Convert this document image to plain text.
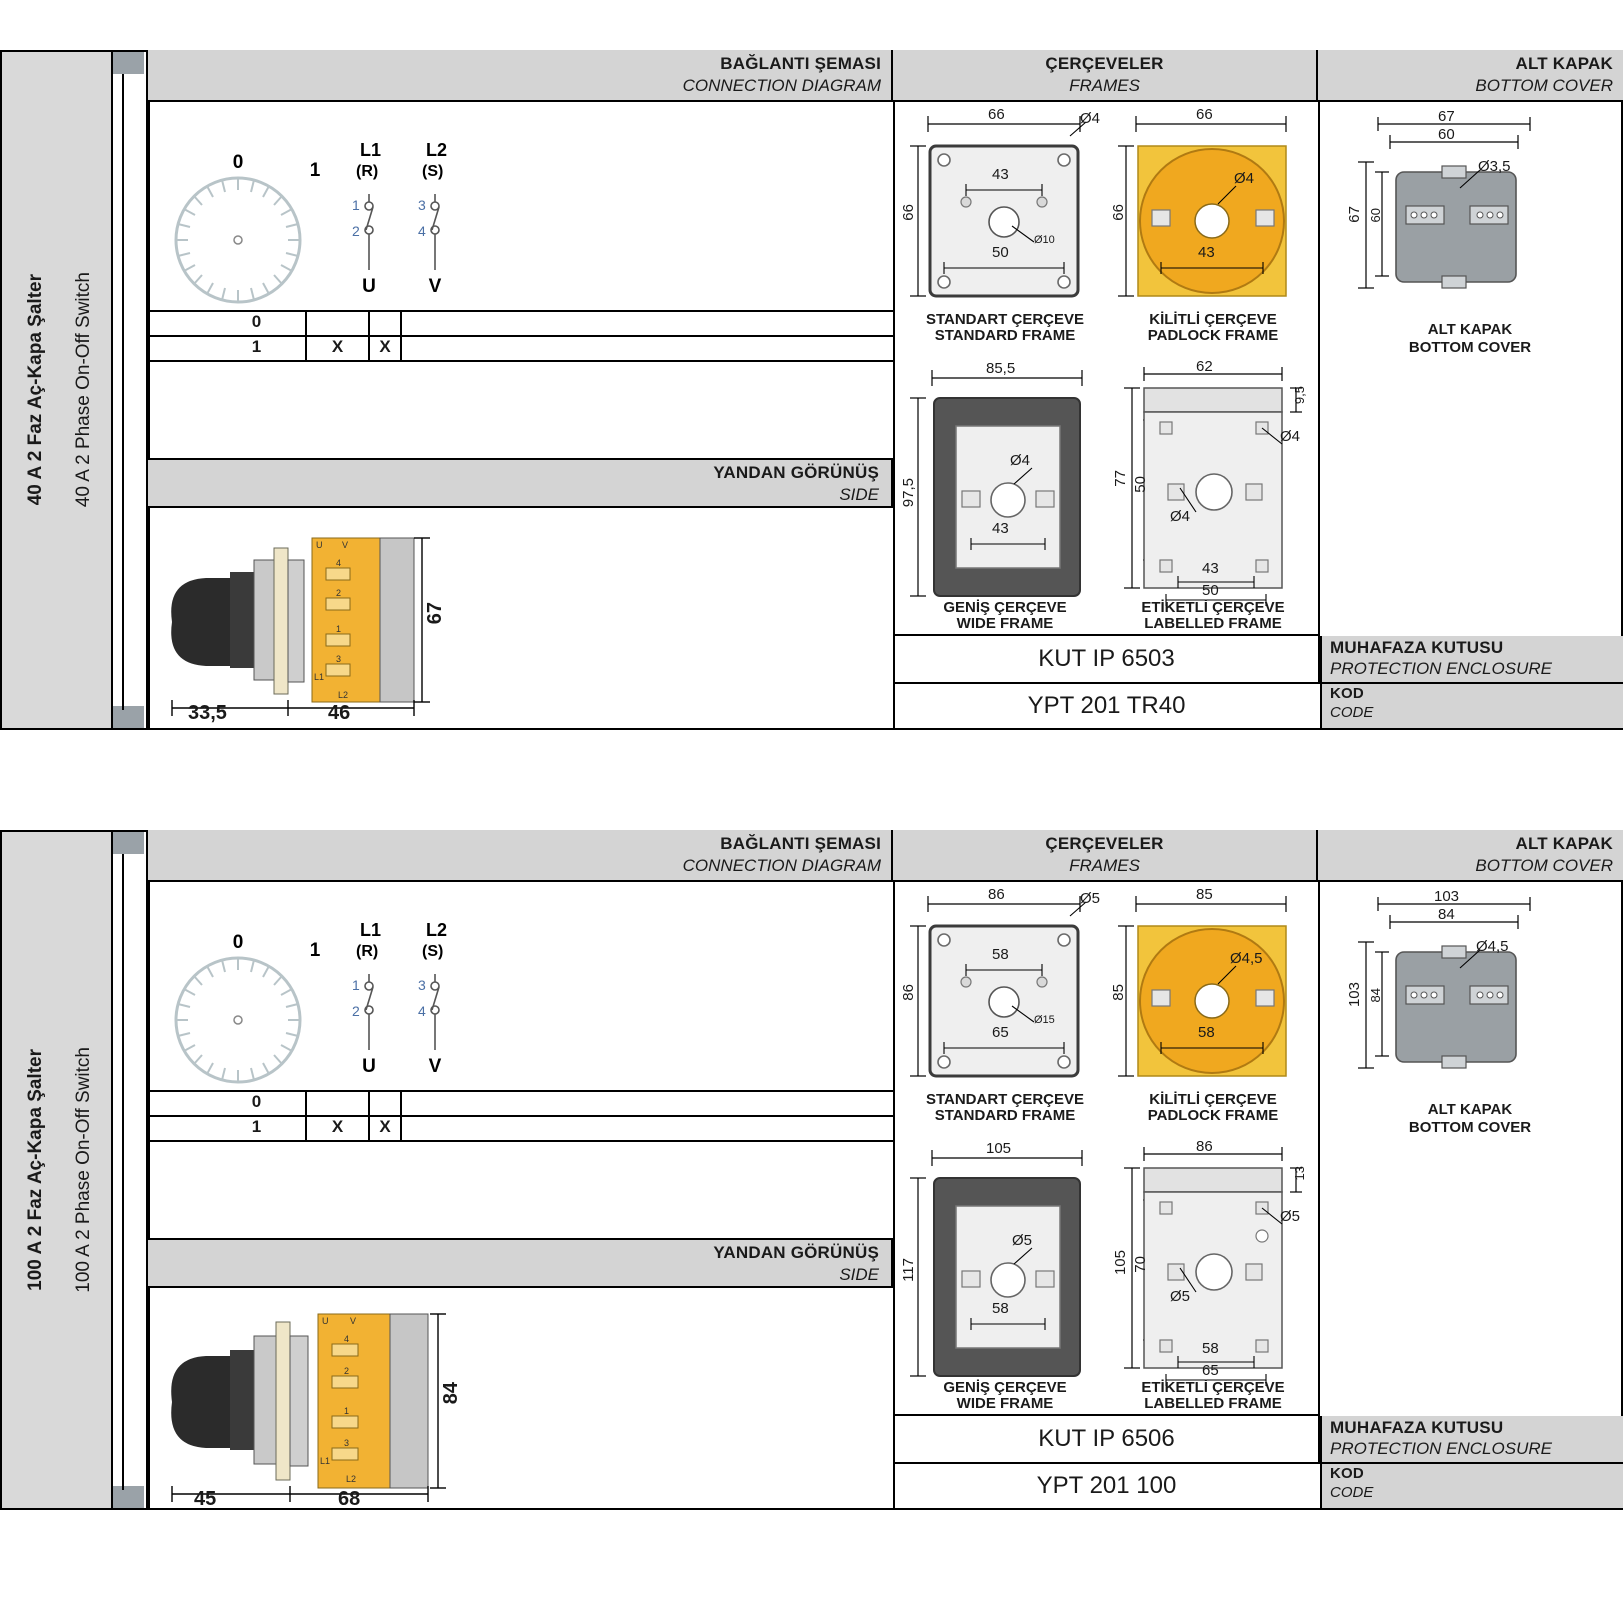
40 A 2 Faz Aç-Kapa Şalter 40 A 2 Phase On-Off Switch
BAĞLANTI ŞEMASI
CONNECTION DIAGRAM
ÇERÇEVELER
FRAMES
ALT KAPAK
BOTTOM COVER
0	1
L1
(R)
L2
(S)
1
2
3
4
U	V
0
1	X	X
YANDAN GÖRÜNÜŞ
SIDE
U V
4
2
1
3
L1
L2
33,5	46
67
66	Ø4
66
43
50
Ø10
STANDART ÇERÇEVE
STANDARD FRAME
66
66
Ø4
43
KİLİTLİ ÇERÇEVE
PADLOCK FRAME
85,5
97,5
Ø4
43
GENİŞ ÇERÇEVE
WIDE FRAME
62
9,5
77 50
Ø4
Ø4
43
50
ETİKETLİ ÇERÇEVE
LABELLED FRAME
67
60
67 60
Ø3,5
ALT KAPAK
BOTTOM COVER
KUT IP 6503	MUHAFAZA KUTUSU
PROTECTION ENCLOSURE
YPT 201 TR40	KOD
CODE
100 A 2 Faz Aç-Kapa Şalter 100 A 2 Phase On-Off Switch
BAĞLANTI ŞEMASI
CONNECTION DIAGRAM
ÇERÇEVELER
FRAMES
ALT KAPAK
BOTTOM COVER
0	1
L1
(R)
L2
(S)
1
2
3
4
U	V
0
1	X	X
YANDAN GÖRÜNÜŞ
SIDE
U V
4
2
1
3
L1
L2
45	68
84
86	Ø5
86
58
65
Ø15
STANDART ÇERÇEVE
STANDARD FRAME
85
85
Ø4,5
58
KİLİTLİ ÇERÇEVE
PADLOCK FRAME
105
117
Ø5
58
GENİŞ ÇERÇEVE
WIDE FRAME
86
13
105 70
Ø5
Ø5
58
65
ETİKETLİ ÇERÇEVE
LABELLED FRAME
103
84
103 84
Ø4,5
ALT KAPAK
BOTTOM COVER
KUT IP 6506	MUHAFAZA KUTUSU
PROTECTION ENCLOSURE
YPT 201 100	KOD
CODE
